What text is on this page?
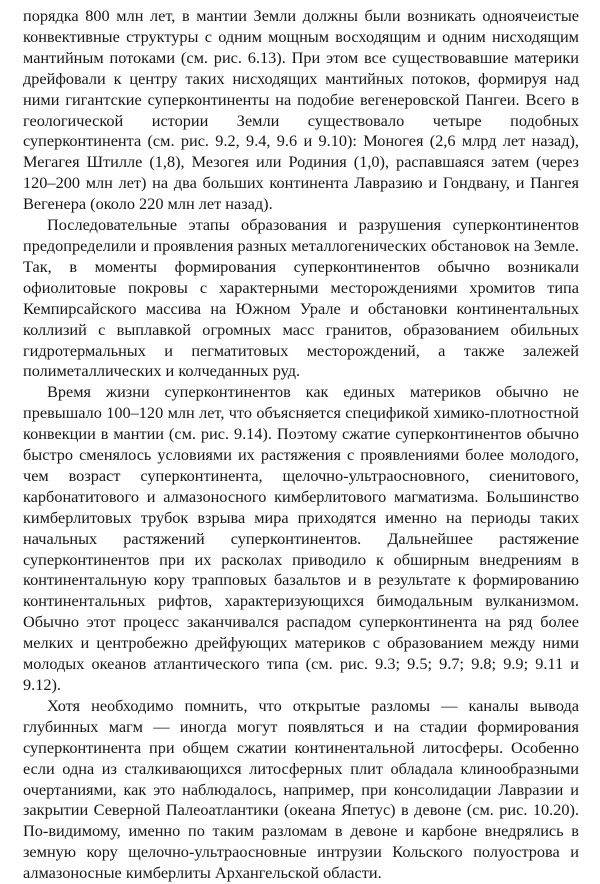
порядка 800 млн лет, в мантии Земли должны были возникать одноячеистые конвективные структуры с одним мощным восходящим и одним нисходящим мантийным потоками (см. рис. 6.13). При этом все существовавшие материки дрейфовали к центру таких нисходящих мантийных потоков, формируя над ними гигантские суперконтиненты на подобие вегенеровской Пангеи. Всего в геологической истории Земли существовало четыре подобных суперконтинента (см. рис. 9.2, 9.4, 9.6 и 9.10): Моногея (2,6 млрд лет назад), Мегагея Штилле (1,8), Мезогея или Родиния (1,0), распавшаяся затем (через 120–200 млн лет) на два больших континента Лавразию и Гондвану, и Пангея Вегенера (около 220 млн лет назад).

Последовательные этапы образования и разрушения суперконтинентов предопределили и проявления разных металлогенических обстановок на Земле. Так, в моменты формирования суперконтинентов обычно возникали офиолитовые покровы с характерными месторождениями хромитов типа Кемпирсайского массива на Южном Урале и обстановки континентальных коллизий с выплавкой огромных масс гранитов, образованием обильных гидротермальных и пегматитовых месторождений, а также залежей полиметаллических и колчеданных руд.

Время жизни суперконтинентов как единых материков обычно не превышало 100–120 млн лет, что объясняется спецификой химико-плотностной конвекции в мантии (см. рис. 9.14). Поэтому сжатие суперконтинентов обычно быстро сменялось условиями их растяжения с проявлениями более молодого, чем возраст суперконтинента, щелочно-ультраосновного, сиенитового, карбонатитового и алмазоносного кимберлитового магматизма. Большинство кимберлитовых трубок взрыва мира приходятся именно на периоды таких начальных растяжений суперконтинентов. Дальнейшее растяжение суперконтинентов при их расколах приводило к обширным внедрениям в континентальную кору трапповых базальтов и в результате к формированию континентальных рифтов, характеризующихся бимодальным вулканизмом. Обычно этот процесс заканчивался распадом суперконтинента на ряд более мелких и центробежно дрейфующих материков с образованием между ними молодых океанов атлантического типа (см. рис. 9.3; 9.5; 9.7; 9.8; 9.9; 9.11 и 9.12).

Хотя необходимо помнить, что открытые разломы — каналы вывода глубинных магм — иногда могут появляться и на стадии формирования суперконтинента при общем сжатии континентальной литосферы. Особенно если одна из сталкивающихся литосферных плит обладала клинообразными очертаниями, как это наблюдалось, например, при консолидации Лавразии и закрытии Северной Палеоатлантики (океана Япетус) в девоне (см. рис. 10.20). По-видимому, именно по таким разломам в девоне и карбоне внедрялись в земную кору щелочно-ультраосновные интрузии Кольского полуострова и алмазоносные кимберлиты Архангельской области.
